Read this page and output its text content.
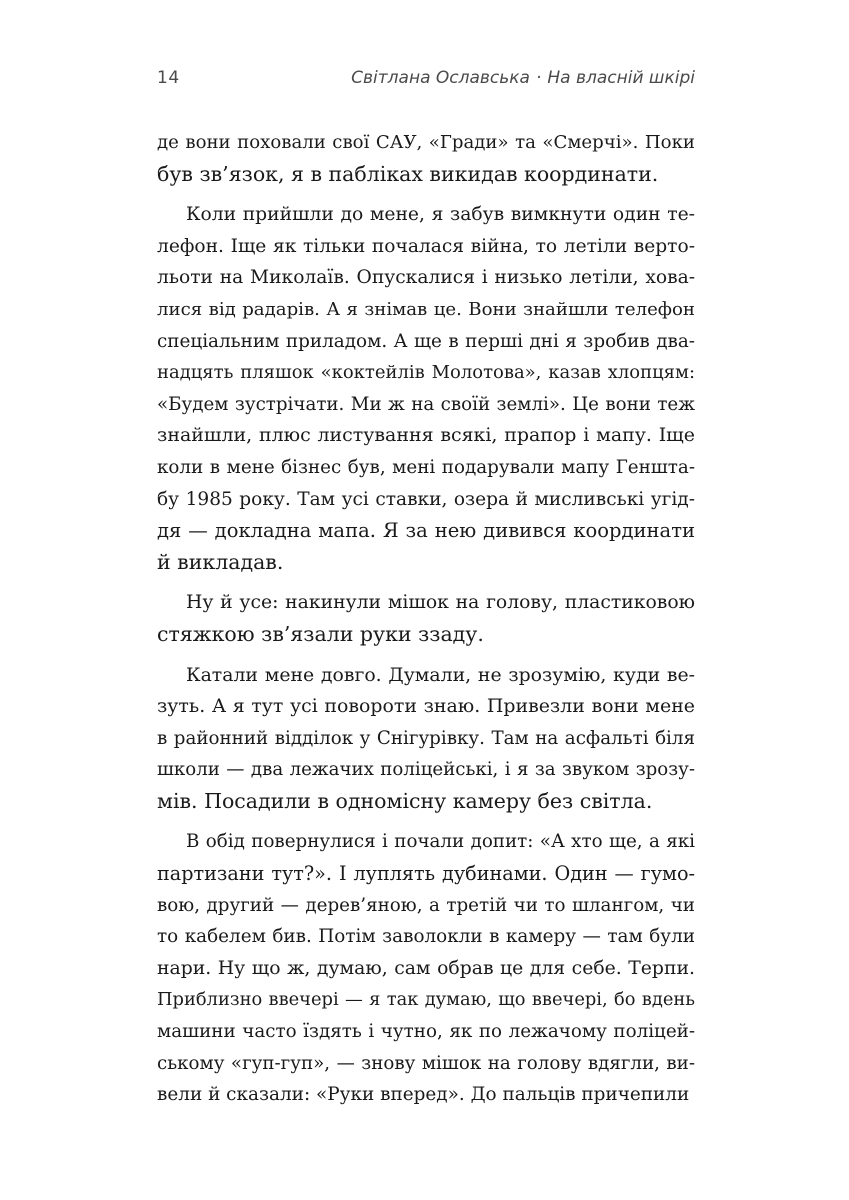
14	Світлана Ославська · На власній шкірі
де вони поховали свої САУ, «Гради» та «Смерчі». Поки
був зв’язок, я в пабліках викидав координати.
Коли прийшли до мене, я забув вимкнути один те-
лефон. Іще як тільки почалася війна, то летіли верто-
льоти на Миколаїв. Опускалися і низько летіли, хова-
лися від радарів. А я знімав це. Вони знайшли телефон
спеціальним приладом. А ще в перші дні я зробив два-
надцять пляшок «коктейлів Молотова», казав хлопцям:
«Будем зустрічати. Ми ж на своїй землі». Це вони теж
знайшли, плюс листування всякі, прапор і мапу. Іще
коли в мене бізнес був, мені подарували мапу Геншта-
бу 1985 року. Там усі ставки, озера й мисливські угід-
дя — докладна мапа. Я за нею дивився координати
й викладав.
Ну й усе: накинули мішок на голову, пластиковою
стяжкою зв’язали руки ззаду.
Катали мене довго. Думали, не зрозумію, куди ве-
зуть. А я тут усі повороти знаю. Привезли вони мене
в районний відділок у Снігурівку. Там на асфальті біля
школи — два лежачих поліцейські, і я за звуком зрозу-
мів. Посадили в одномісну камеру без світла.
В обід повернулися і почали допит: «А хто ще, а які
партизани тут?». І луплять дубинами. Один — гумо-
вою, другий — дерев’яною, а третій чи то шлангом, чи
то кабелем бив. Потім заволокли в камеру — там були
нари. Ну що ж, думаю, сам обрав це для себе. Терпи.
Приблизно ввечері — я так думаю, що ввечері, бо вдень
машини часто їздять і чутно, як по лежачому поліцей-
ському «гуп-гуп», — знову мішок на голову вдягли, ви-
вели й сказали: «Руки вперед». До пальців причепили
